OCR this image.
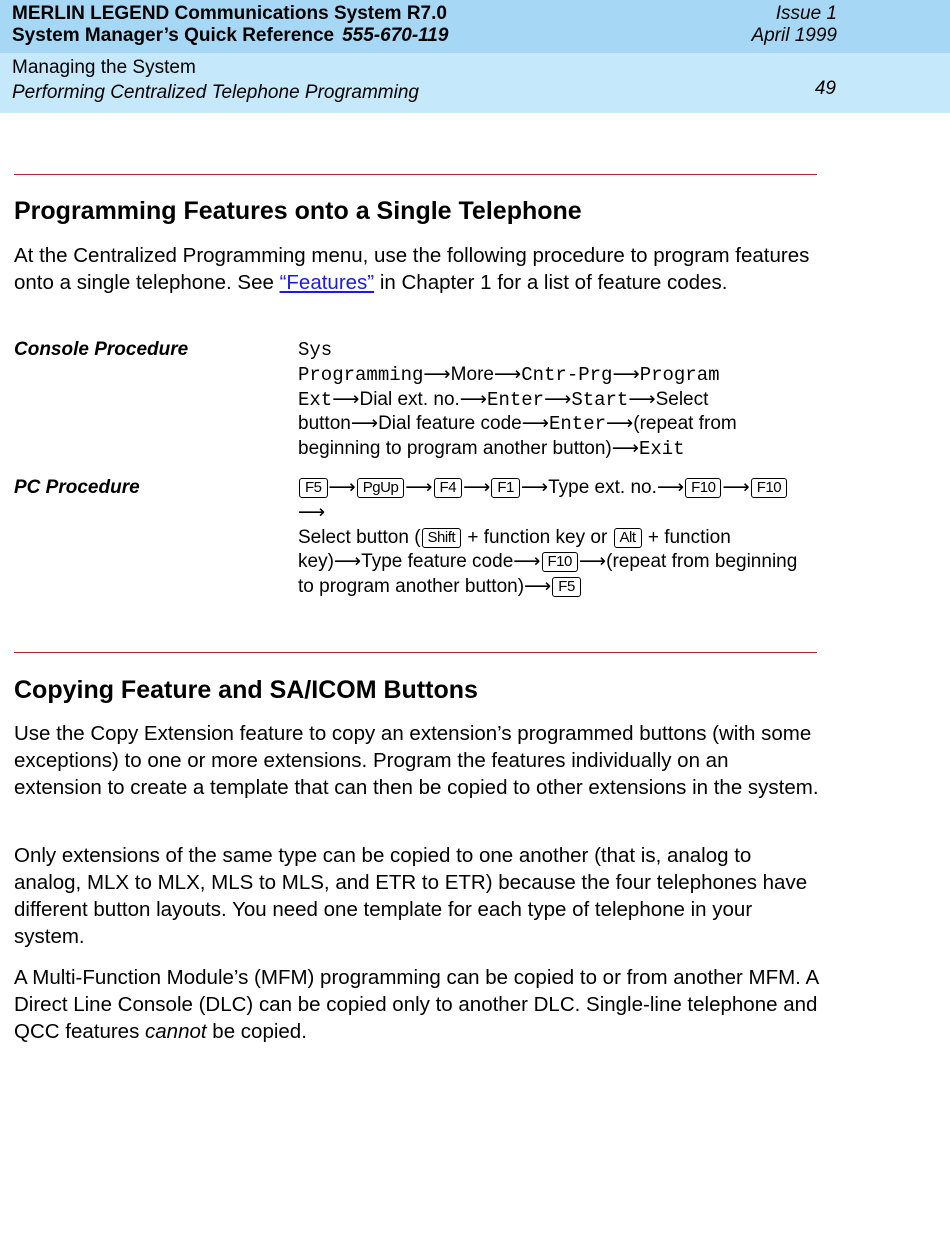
MERLIN LEGEND Communications System R7.0
System Manager’s Quick Reference 555-670-119
Issue 1
April 1999
Managing the System
Performing Centralized Telephone Programming	49
Programming Features onto a Single Telephone

At the Centralized Programming menu, use the following procedure to program features onto a single telephone. See “Features” in Chapter 1 for a list of feature codes.

Console Procedure	Sys
Programming⟶More⟶Cntr-Prg⟶Program
Ext⟶Dial ext. no.⟶Enter⟶Start⟶Select button⟶Dial feature code⟶Enter⟶(repeat from beginning to program another button)⟶Exit
PC Procedure	F5 ⟶ PgUp ⟶ F4 ⟶ F1 ⟶Type ext. no.⟶ F10 ⟶ F10⟶
Select button ( Shift + function key or Alt + function key)⟶Type feature code⟶ F10 ⟶(repeat from beginning to program another button)⟶ F5
Copying Feature and SA/ICOM Buttons

Use the Copy Extension feature to copy an extension’s programmed buttons (with some exceptions) to one or more extensions. Program the features individually on an extension to create a template that can then be copied to other extensions in the system.

Only extensions of the same type can be copied to one another (that is, analog to analog, MLX to MLX, MLS to MLS, and ETR to ETR) because the four telephones have different button layouts. You need one template for each type of telephone in your system.

A Multi-Function Module’s (MFM) programming can be copied to or from another MFM. A Direct Line Console (DLC) can be copied only to another DLC. Single-line telephone and QCC features cannot be copied.
